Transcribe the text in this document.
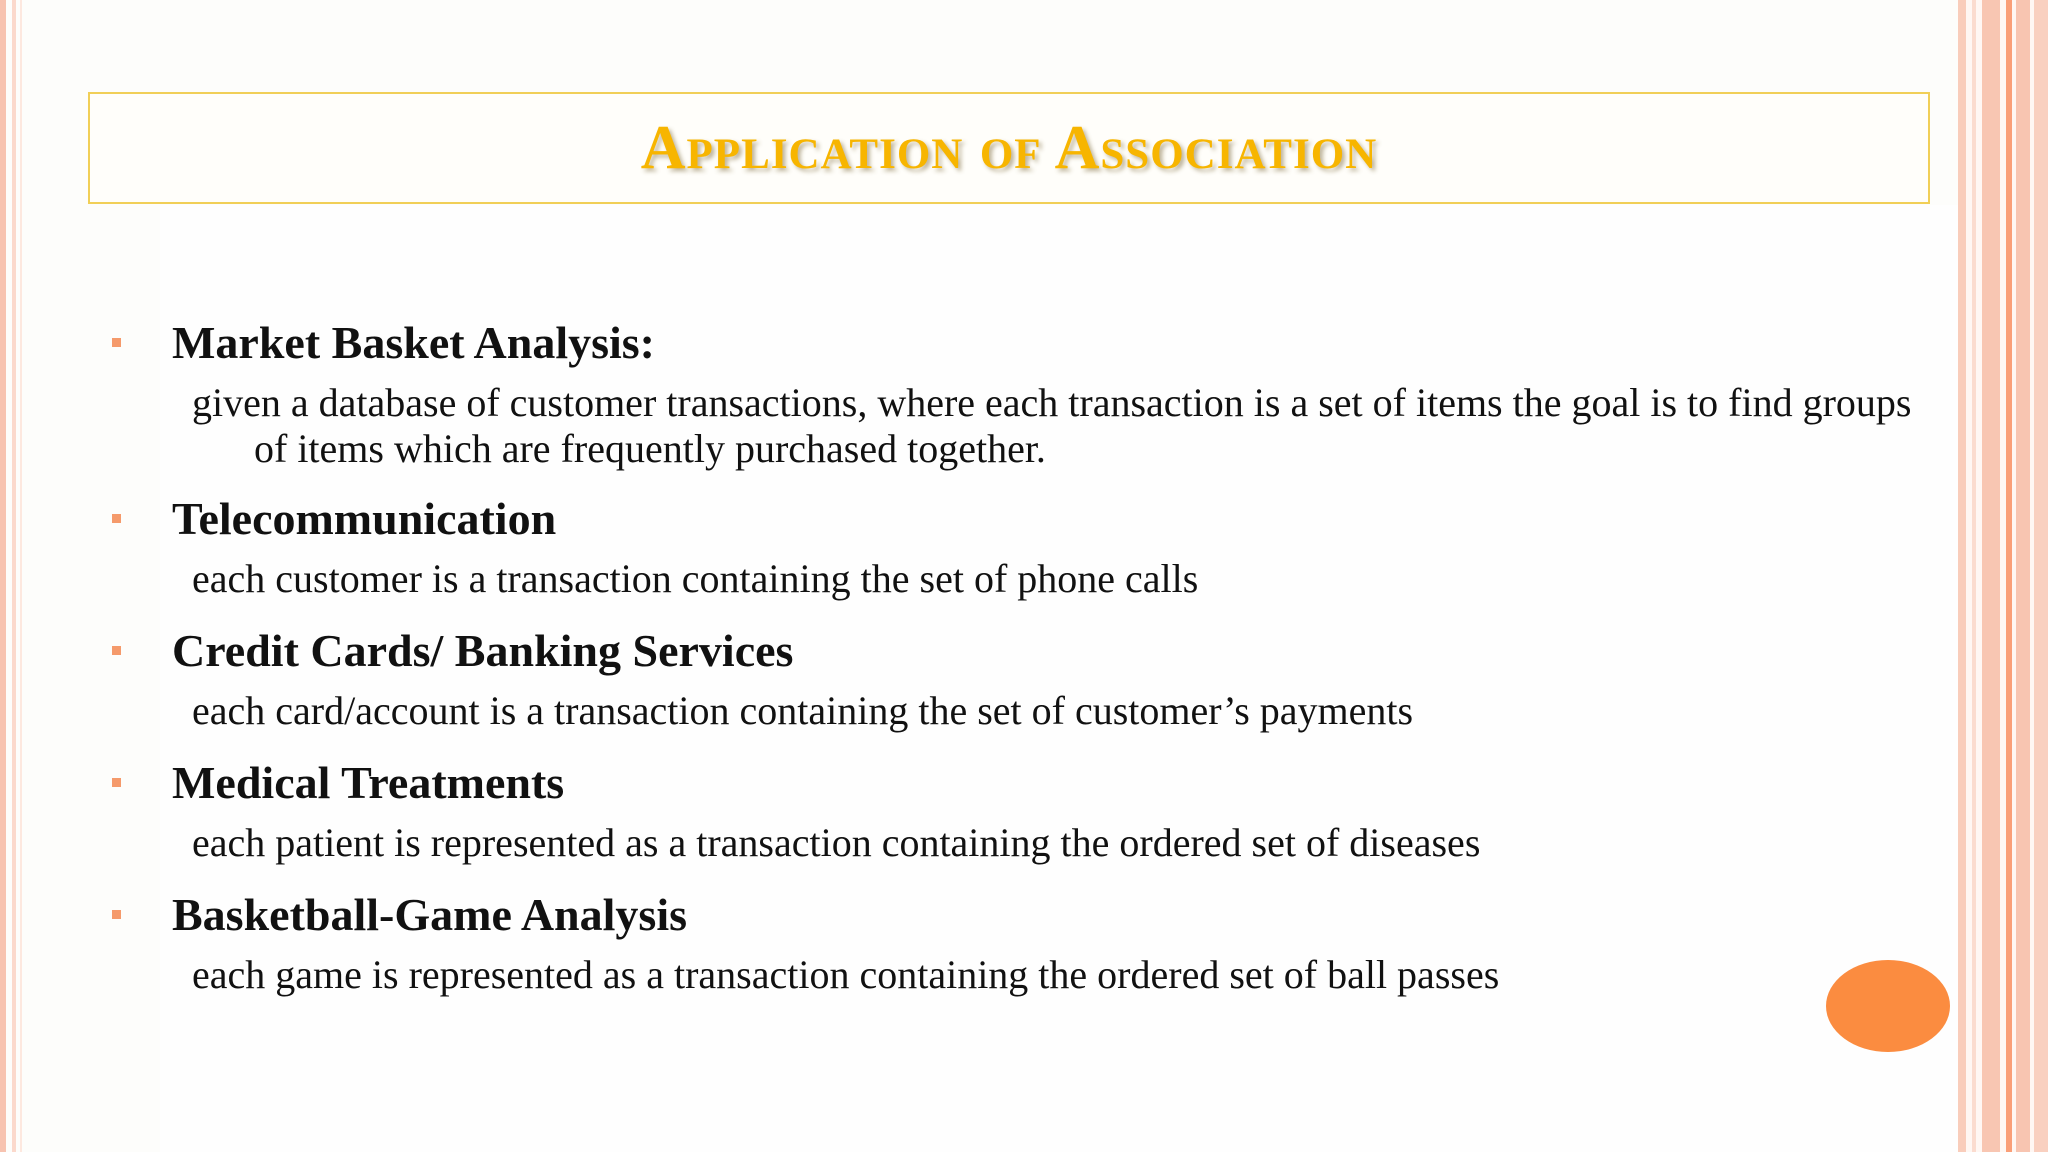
Application of Association
Market Basket Analysis:
given a database of customer transactions, where each transaction is a set of items the goal is to find groups of items which are frequently purchased together.
Telecommunication
each customer is a transaction containing the set of phone calls
Credit Cards/ Banking Services
each card/account is a transaction containing the set of customer’s payments
Medical Treatments
each patient is represented as a transaction containing the ordered set of diseases
Basketball-Game Analysis
each game is represented as a transaction containing the ordered set of ball passes
